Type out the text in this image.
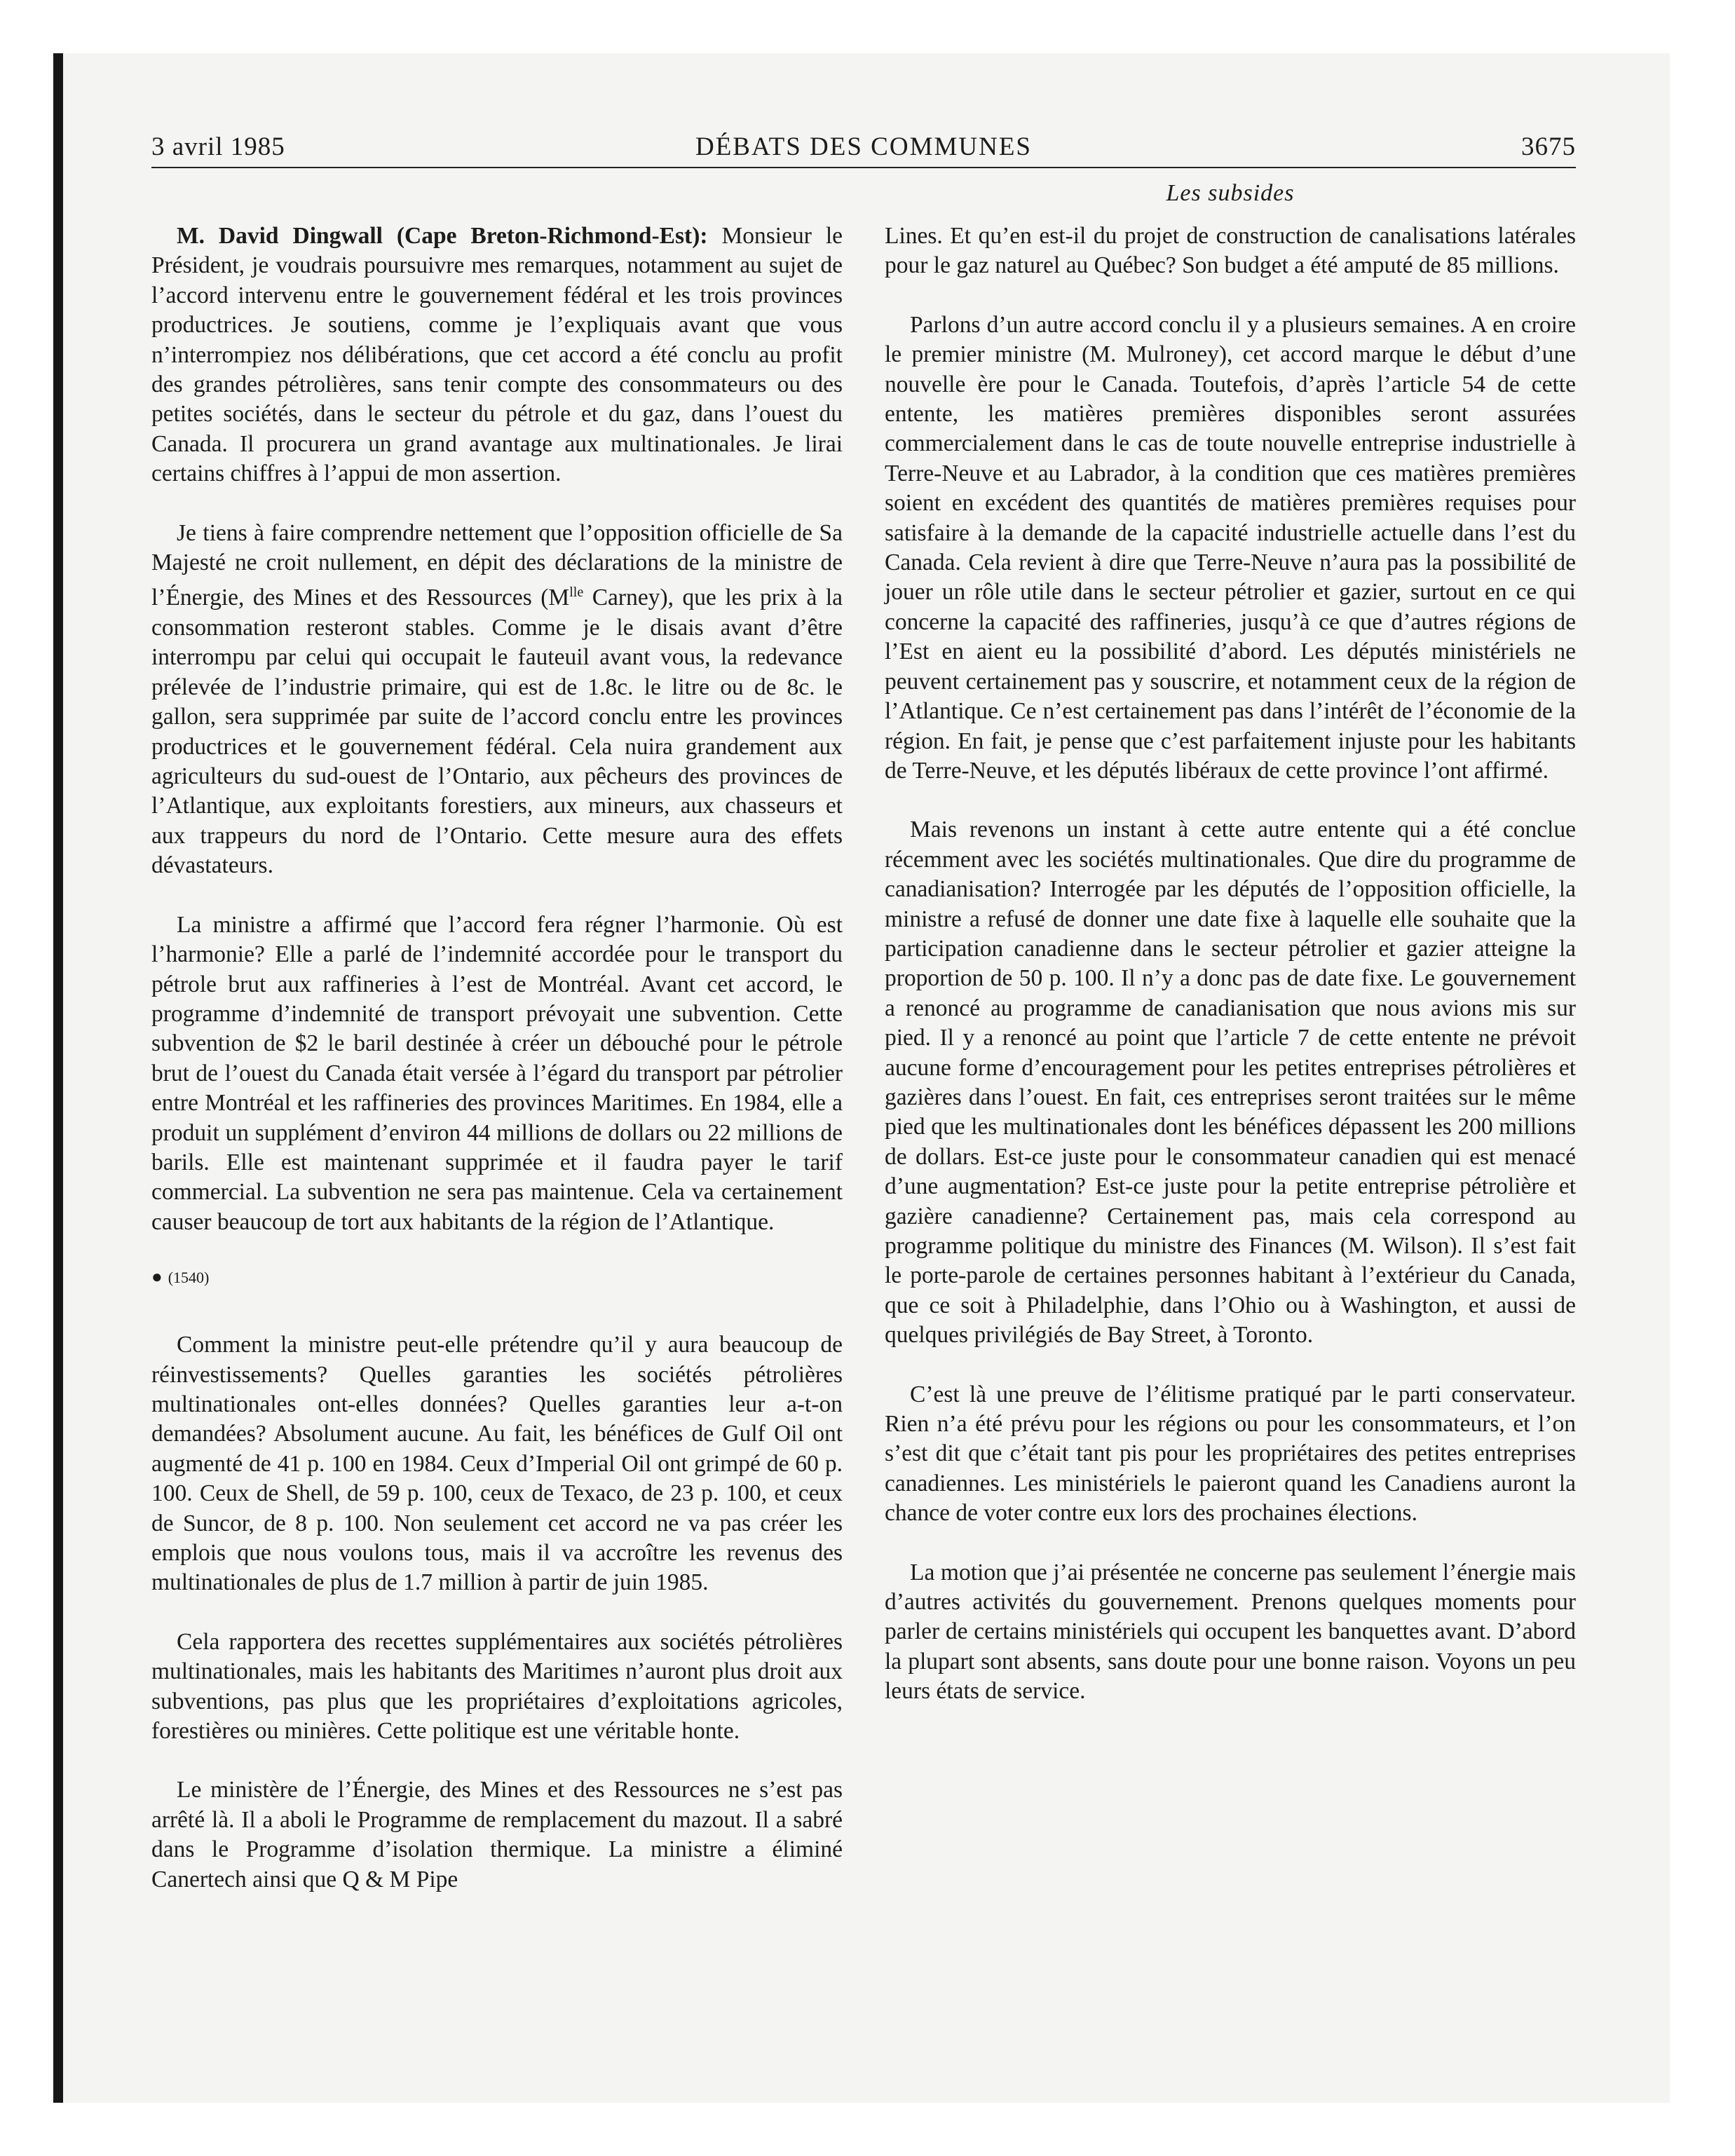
3 avril 1985	DÉBATS DES COMMUNES	3675
Les subsides

M. David Dingwall (Cape Breton-Richmond-Est): Monsieur le Président, je voudrais poursuivre mes remarques, notamment au sujet de l’accord intervenu entre le gouvernement fédéral et les trois provinces productrices. Je soutiens, comme je l’expliquais avant que vous n’interrompiez nos délibérations, que cet accord a été conclu au profit des grandes pétrolières, sans tenir compte des consommateurs ou des petites sociétés, dans le secteur du pétrole et du gaz, dans l’ouest du Canada. Il procurera un grand avantage aux multinationales. Je lirai certains chiffres à l’appui de mon assertion.

Je tiens à faire comprendre nettement que l’opposition officielle de Sa Majesté ne croit nullement, en dépit des déclarations de la ministre de l’Énergie, des Mines et des Ressources ($M^{lle}$ Carney), que les prix à la consommation resteront stables. Comme je le disais avant d’être interrompu par celui qui occupait le fauteuil avant vous, la redevance prélevée de l’industrie primaire, qui est de 1.8c. le litre ou de 8c. le gallon, sera supprimée par suite de l’accord conclu entre les provinces productrices et le gouvernement fédéral. Cela nuira grandement aux agriculteurs du sud-ouest de l’Ontario, aux pêcheurs des provinces de l’Atlantique, aux exploitants forestiers, aux mineurs, aux chasseurs et aux trappeurs du nord de l’Ontario. Cette mesure aura des effets dévastateurs.

La ministre a affirmé que l’accord fera régner l’harmonie. Où est l’harmonie? Elle a parlé de l’indemnité accordée pour le transport du pétrole brut aux raffineries à l’est de Montréal. Avant cet accord, le programme d’indemnité de transport prévoyait une subvention. Cette subvention de $2 le baril destinée à créer un débouché pour le pétrole brut de l’ouest du Canada était versée à l’égard du transport par pétrolier entre Montréal et les raffineries des provinces Maritimes. En 1984, elle a produit un supplément d’environ 44 millions de dollars ou 22 millions de barils. Elle est maintenant supprimée et il faudra payer le tarif commercial. La subvention ne sera pas maintenue. Cela va certainement causer beaucoup de tort aux habitants de la région de l’Atlantique.

● (1540)

Comment la ministre peut-elle prétendre qu’il y aura beaucoup de réinvestissements? Quelles garanties les sociétés pétrolières multinationales ont-elles données? Quelles garanties leur a-t-on demandées? Absolument aucune. Au fait, les bénéfices de Gulf Oil ont augmenté de 41 p. 100 en 1984. Ceux d’Imperial Oil ont grimpé de 60 p. 100. Ceux de Shell, de 59 p. 100, ceux de Texaco, de 23 p. 100, et ceux de Suncor, de 8 p. 100. Non seulement cet accord ne va pas créer les emplois que nous voulons tous, mais il va accroître les revenus des multinationales de plus de 1.7 million à partir de juin 1985.

Cela rapportera des recettes supplémentaires aux sociétés pétrolières multinationales, mais les habitants des Maritimes n’auront plus droit aux subventions, pas plus que les propriétaires d’exploitations agricoles, forestières ou minières. Cette politique est une véritable honte.

Le ministère de l’Énergie, des Mines et des Ressources ne s’est pas arrêté là. Il a aboli le Programme de remplacement du mazout. Il a sabré dans le Programme d’isolation thermique. La ministre a éliminé Canertech ainsi que Q & M Pipe

Lines. Et qu’en est-il du projet de construction de canalisations latérales pour le gaz naturel au Québec? Son budget a été amputé de 85 millions.

Parlons d’un autre accord conclu il y a plusieurs semaines. A en croire le premier ministre (M. Mulroney), cet accord marque le début d’une nouvelle ère pour le Canada. Toutefois, d’après l’article 54 de cette entente, les matières premières disponibles seront assurées commercialement dans le cas de toute nouvelle entreprise industrielle à Terre-Neuve et au Labrador, à la condition que ces matières premières soient en excédent des quantités de matières premières requises pour satisfaire à la demande de la capacité industrielle actuelle dans l’est du Canada. Cela revient à dire que Terre-Neuve n’aura pas la possibilité de jouer un rôle utile dans le secteur pétrolier et gazier, surtout en ce qui concerne la capacité des raffineries, jusqu’à ce que d’autres régions de l’Est en aient eu la possibilité d’abord. Les députés ministériels ne peuvent certainement pas y souscrire, et notamment ceux de la région de l’Atlantique. Ce n’est certainement pas dans l’intérêt de l’économie de la région. En fait, je pense que c’est parfaitement injuste pour les habitants de Terre-Neuve, et les députés libéraux de cette province l’ont affirmé.

Mais revenons un instant à cette autre entente qui a été conclue récemment avec les sociétés multinationales. Que dire du programme de canadianisation? Interrogée par les députés de l’opposition officielle, la ministre a refusé de donner une date fixe à laquelle elle souhaite que la participation canadienne dans le secteur pétrolier et gazier atteigne la proportion de 50 p. 100. Il n’y a donc pas de date fixe. Le gouvernement a renoncé au programme de canadianisation que nous avions mis sur pied. Il y a renoncé au point que l’article 7 de cette entente ne prévoit aucune forme d’encouragement pour les petites entreprises pétrolières et gazières dans l’ouest. En fait, ces entreprises seront traitées sur le même pied que les multinationales dont les bénéfices dépassent les 200 millions de dollars. Est-ce juste pour le consommateur canadien qui est menacé d’une augmentation? Est-ce juste pour la petite entreprise pétrolière et gazière canadienne? Certainement pas, mais cela correspond au programme politique du ministre des Finances (M. Wilson). Il s’est fait le porte-parole de certaines personnes habitant à l’extérieur du Canada, que ce soit à Philadelphie, dans l’Ohio ou à Washington, et aussi de quelques privilégiés de Bay Street, à Toronto.

C’est là une preuve de l’élitisme pratiqué par le parti conservateur. Rien n’a été prévu pour les régions ou pour les consommateurs, et l’on s’est dit que c’était tant pis pour les propriétaires des petites entreprises canadiennes. Les ministériels le paieront quand les Canadiens auront la chance de voter contre eux lors des prochaines élections.

La motion que j’ai présentée ne concerne pas seulement l’énergie mais d’autres activités du gouvernement. Prenons quelques moments pour parler de certains ministériels qui occupent les banquettes avant. D’abord la plupart sont absents, sans doute pour une bonne raison. Voyons un peu leurs états de service.
